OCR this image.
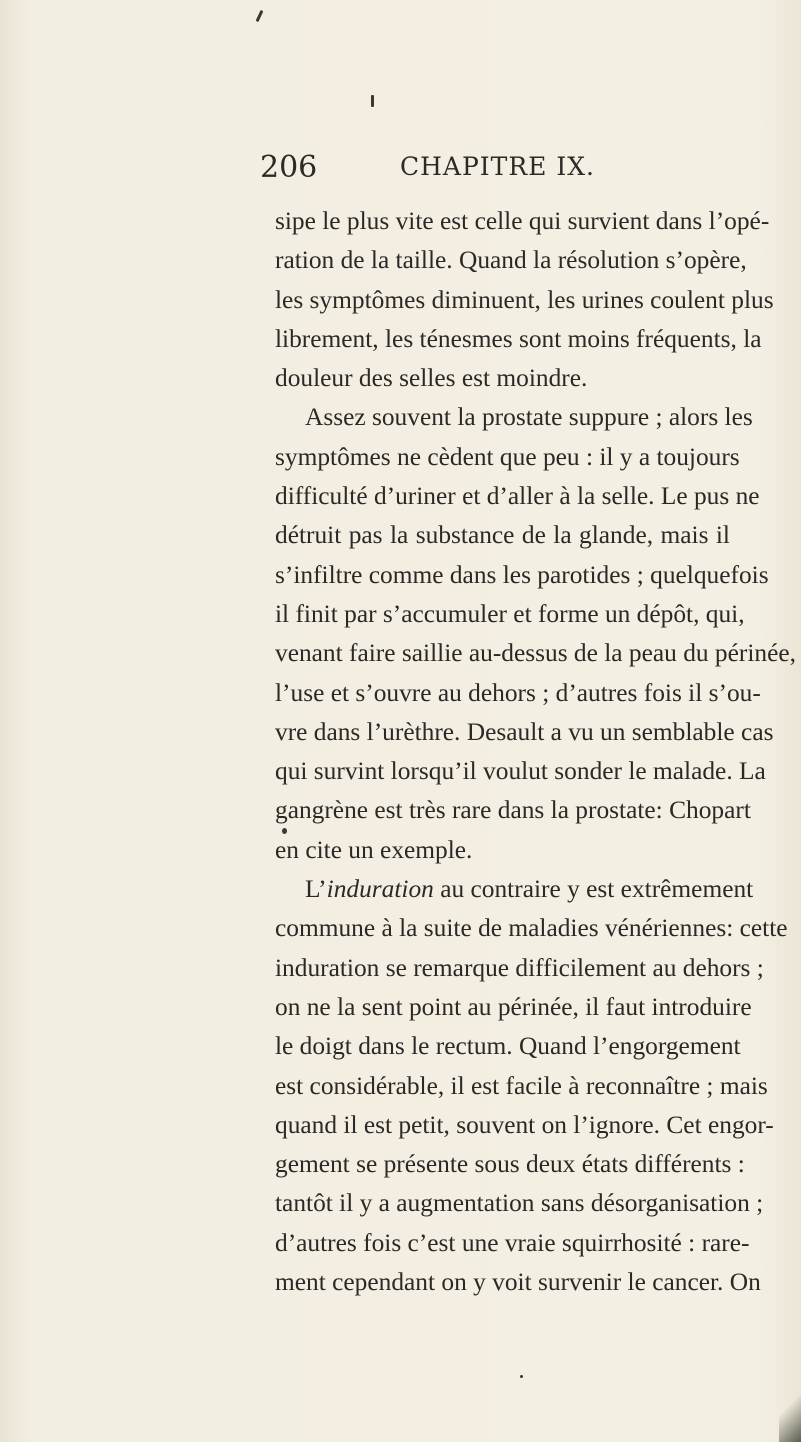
206	CHAPITRE IX.
sipe le plus vite est celle qui survient dans l’opé-
ration de la taille. Quand la résolution s’opère,
les symptômes diminuent, les urines coulent plus
librement, les ténesmes sont moins fréquents, la
douleur des selles est moindre.
Assez souvent la prostate suppure ; alors les
symptômes ne cèdent que peu : il y a toujours
difficulté d’uriner et d’aller à la selle. Le pus ne
détruit pas la substance de la glande, mais il
s’infiltre comme dans les parotides ; quelquefois
il finit par s’accumuler et forme un dépôt, qui,
venant faire saillie au-dessus de la peau du périnée,
l’use et s’ouvre au dehors ; d’autres fois il s’ou-
vre dans l’urèthre. Desault a vu un semblable cas
qui survint lorsqu’il voulut sonder le malade. La
gangrène est très rare dans la prostate: Chopart
en cite un exemple.
L’induration au contraire y est extrêmement
commune à la suite de maladies vénériennes: cette
induration se remarque difficilement au dehors ;
on ne la sent point au périnée, il faut introduire
le doigt dans le rectum. Quand l’engorgement
est considérable, il est facile à reconnaître ; mais
quand il est petit, souvent on l’ignore. Cet engor-
gement se présente sous deux états différents :
tantôt il y a augmentation sans désorganisation ;
d’autres fois c’est une vraie squirrhosité : rare-
ment cependant on y voit survenir le cancer. On
